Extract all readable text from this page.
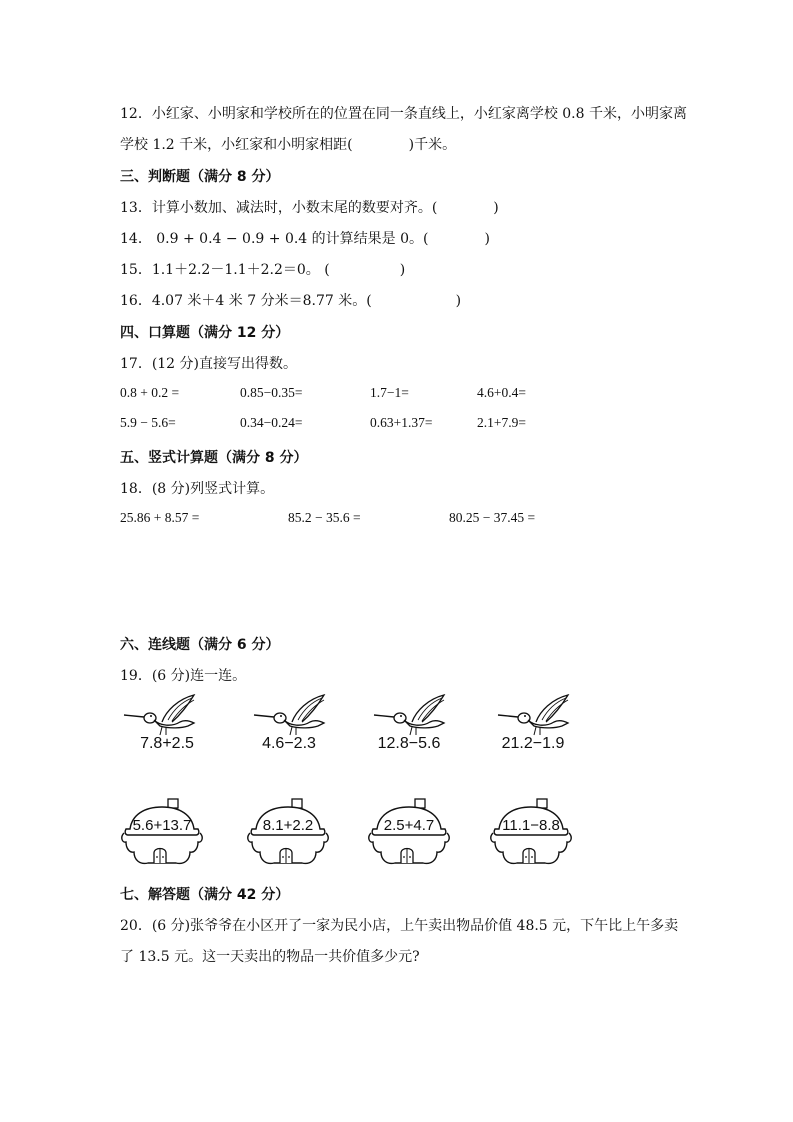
12．小红家、小明家和学校所在的位置在同一条直线上，小红家离学校 0.8 千米，小明家离
学校 1.2 千米，小红家和小明家相距(　　　　)千米。
三、判断题（满分 8 分）
13．计算小数加、减法时，小数末尾的数要对齐。(　　　　)
14． 0.9 + 0.4 − 0.9 + 0.4 的计算结果是 0。(　　　　)
15．1.1＋2.2－1.1＋2.2＝0。 (　　　　　)
16．4.07 米＋4 米 7 分米＝8.77 米。(　　　　　　)
四、口算题（满分 12 分）
17．(12 分)直接写出得数。
0.8 + 0.2 =	0.85−0.35=	1.7−1=	4.6+0.4=
5.9 − 5.6=	0.34−0.24=	0.63+1.37=	2.1+7.9=
五、竖式计算题（满分 8 分）
18．(8 分)列竖式计算。
25.86 + 8.57 =	85.2 − 35.6 =	80.25 − 37.45 =
六、连线题（满分 6 分）
19．(6 分)连一连。
7.8+2.5	4.6−2.3	12.8−5.6	21.2−1.9
5.6+13.7	8.1+2.2	2.5+4.7	11.1−8.8
七、解答题（满分 42 分）
20．(6 分)张爷爷在小区开了一家为民小店，上午卖出物品价值 48.5 元，下午比上午多卖
了 13.5 元。这一天卖出的物品一共价值多少元?
